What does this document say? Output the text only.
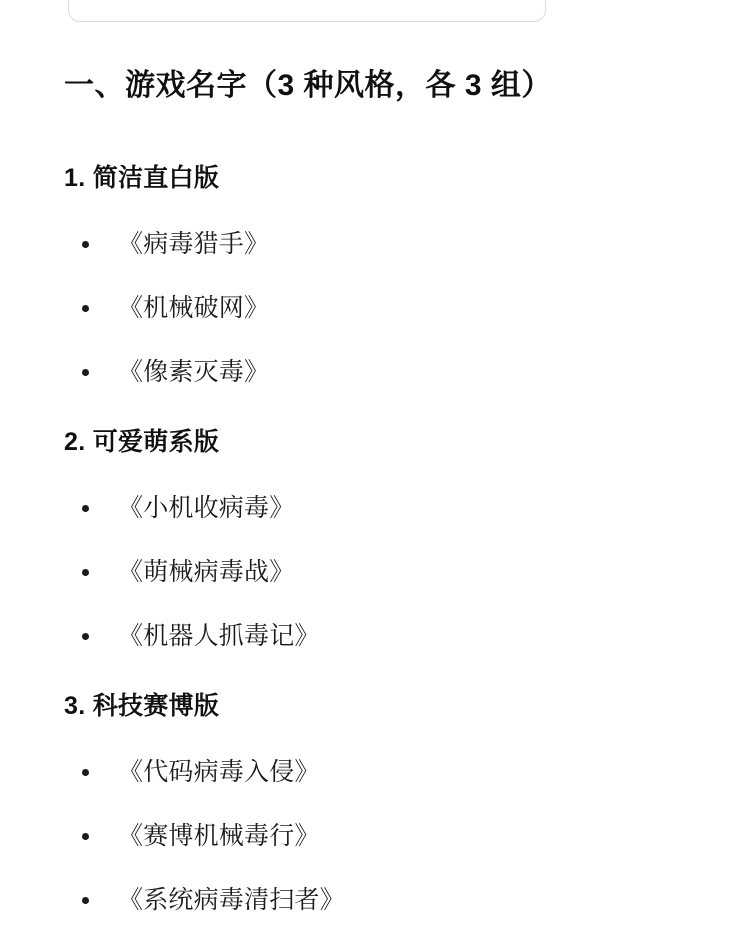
一、游戏名字（3 种风格，各 3 组）
1. 简洁直白版
《病毒猎手》
《机械破网》
《像素灭毒》
2. 可爱萌系版
《小机收病毒》
《萌械病毒战》
《机器人抓毒记》
3. 科技赛博版
《代码病毒入侵》
《赛博机械毒行》
《系统病毒清扫者》
